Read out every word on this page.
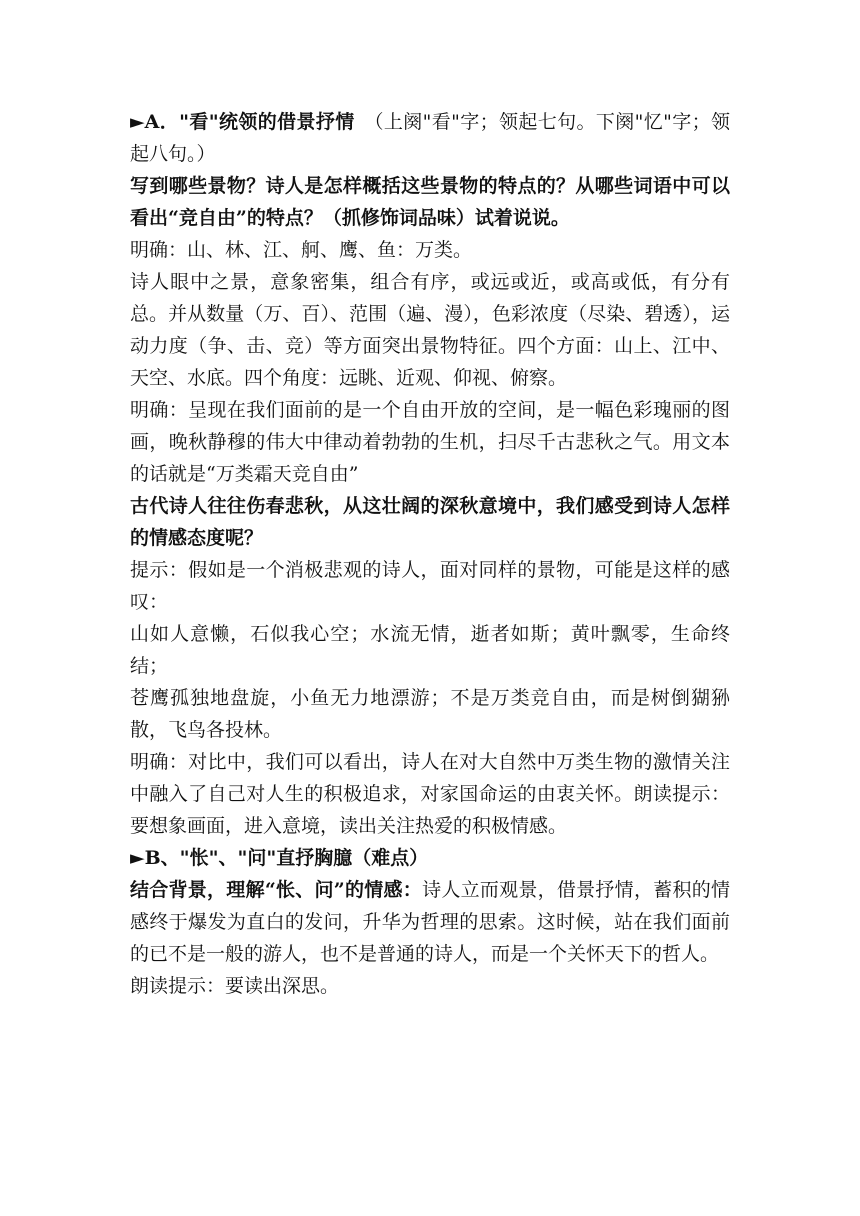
►A．"看"统领的借景抒情　（上阕"看"字；领起七句。下阕"忆"字；领起八句。）

写到哪些景物？诗人是怎样概括这些景物的特点的？从哪些词语中可以看出“竞自由”的特点？（抓修饰词品味）试着说说。

明确：山、林、江、舸、鹰、鱼：万类。

诗人眼中之景，意象密集，组合有序，或远或近，或高或低，有分有总。并从数量（万、百）、范围（遍、漫），色彩浓度（尽染、碧透），运动力度（争、击、竞）等方面突出景物特征。四个方面：山上、江中、天空、水底。四个角度：远眺、近观、仰视、俯察。

明确：呈现在我们面前的是一个自由开放的空间，是一幅色彩瑰丽的图画，晚秋静穆的伟大中律动着勃勃的生机，扫尽千古悲秋之气。用文本的话就是“万类霜天竞自由”

古代诗人往往伤春悲秋，从这壮阔的深秋意境中，我们感受到诗人怎样的情感态度呢？

提示：假如是一个消极悲观的诗人，面对同样的景物，可能是这样的感叹：

山如人意懒，石似我心空；水流无情，逝者如斯；黄叶飘零，生命终结；

苍鹰孤独地盘旋，小鱼无力地漂游；不是万类竞自由，而是树倒猢狲散，飞鸟各投林。

明确：对比中，我们可以看出，诗人在对大自然中万类生物的激情关注中融入了自己对人生的积极追求，对家国命运的由衷关怀。朗读提示：要想象画面，进入意境，读出关注热爱的积极情感。

►B、"怅"、"问"直抒胸臆（难点）

结合背景，理解“怅、问”的情感：诗人立而观景，借景抒情，蓄积的情感终于爆发为直白的发问，升华为哲理的思索。这时候，站在我们面前的已不是一般的游人，也不是普通的诗人，而是一个关怀天下的哲人。

朗读提示：要读出深思。
